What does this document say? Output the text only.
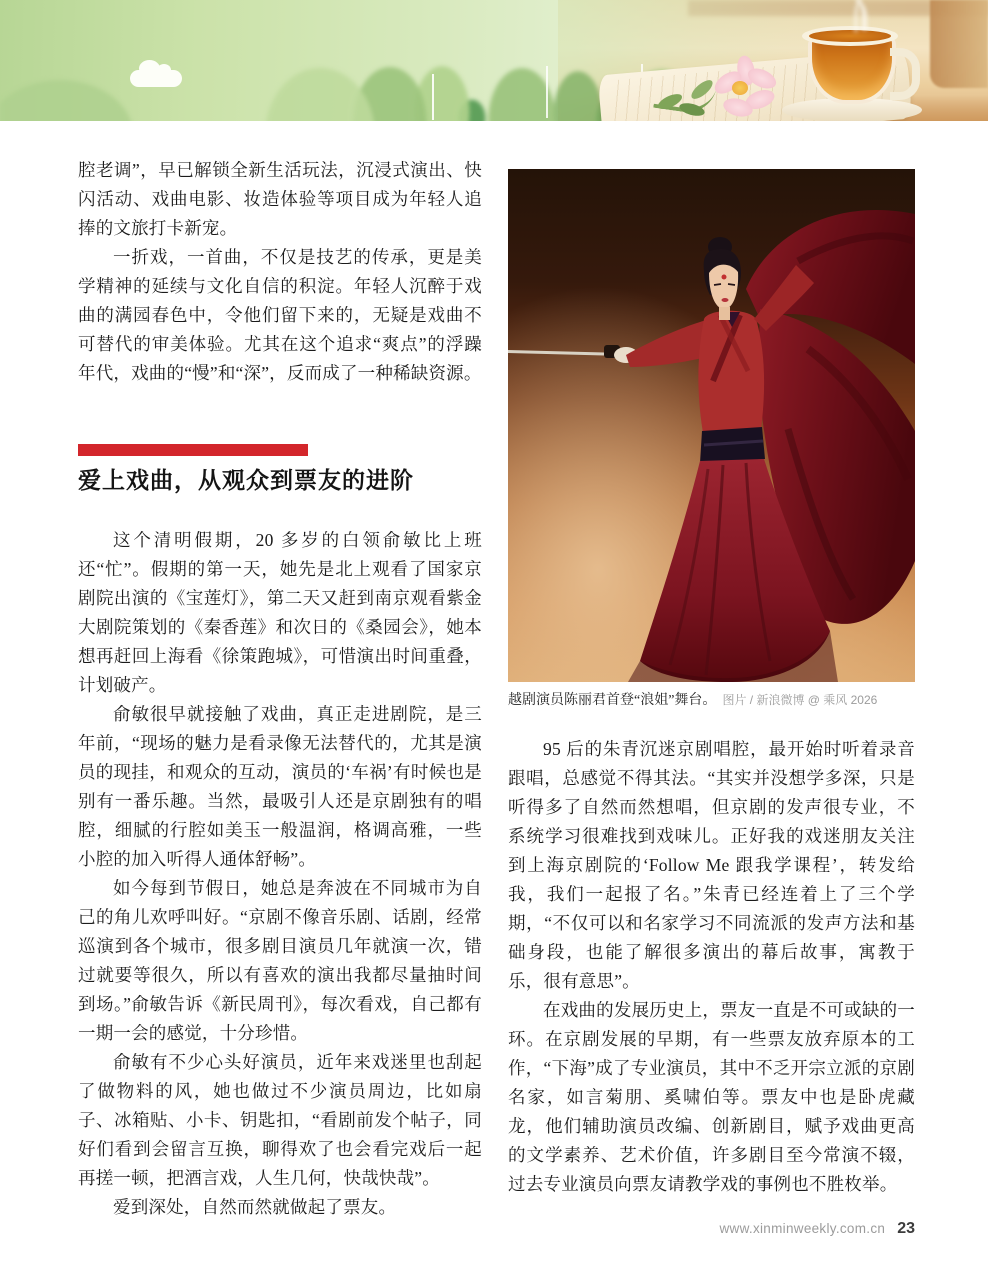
腔老调”，早已解锁全新生活玩法，沉浸式演出、快闪活动、戏曲电影、妆造体验等项目成为年轻人追捧的文旅打卡新宠。

一折戏，一首曲，不仅是技艺的传承，更是美学精神的延续与文化自信的积淀。年轻人沉醉于戏曲的满园春色中，令他们留下来的，无疑是戏曲不可替代的审美体验。尤其在这个追求“爽点”的浮躁年代，戏曲的“慢”和“深”，反而成了一种稀缺资源。

爱上戏曲，从观众到票友的进阶

这个清明假期，20 多岁的白领俞敏比上班还“忙”。假期的第一天，她先是北上观看了国家京剧院出演的《宝莲灯》，第二天又赶到南京观看紫金大剧院策划的《秦香莲》和次日的《桑园会》，她本想再赶回上海看《徐策跑城》，可惜演出时间重叠，计划破产。

俞敏很早就接触了戏曲，真正走进剧院，是三年前，“现场的魅力是看录像无法替代的，尤其是演员的现挂，和观众的互动，演员的‘车祸’有时候也是别有一番乐趣。当然，最吸引人还是京剧独有的唱腔，细腻的行腔如美玉一般温润，格调高雅，一些小腔的加入听得人通体舒畅”。

如今每到节假日，她总是奔波在不同城市为自己的角儿欢呼叫好。“京剧不像音乐剧、话剧，经常巡演到各个城市，很多剧目演员几年就演一次，错过就要等很久，所以有喜欢的演出我都尽量抽时间到场。”俞敏告诉《新民周刊》，每次看戏，自己都有一期一会的感觉，十分珍惜。

俞敏有不少心头好演员，近年来戏迷里也刮起了做物料的风，她也做过不少演员周边，比如扇子、冰箱贴、小卡、钥匙扣，“看剧前发个帖子，同好们看到会留言互换，聊得欢了也会看完戏后一起再搓一顿，把酒言戏，人生几何，快哉快哉”。

爱到深处，自然而然就做起了票友。

越剧演员陈丽君首登“浪姐”舞台。 图片 / 新浪微博 @ 乘风 2026

95 后的朱青沉迷京剧唱腔，最开始时听着录音跟唱，总感觉不得其法。“其实并没想学多深，只是听得多了自然而然想唱，但京剧的发声很专业，不系统学习很难找到戏味儿。正好我的戏迷朋友关注到上海京剧院的‘Follow Me 跟我学课程’，转发给我，我们一起报了名。”朱青已经连着上了三个学期，“不仅可以和名家学习不同流派的发声方法和基础身段，也能了解很多演出的幕后故事，寓教于乐，很有意思”。

在戏曲的发展历史上，票友一直是不可或缺的一环。在京剧发展的早期，有一些票友放弃原本的工作，“下海”成了专业演员，其中不乏开宗立派的京剧名家，如言菊朋、奚啸伯等。票友中也是卧虎藏龙，他们辅助演员改编、创新剧目，赋予戏曲更高的文学素养、艺术价值，许多剧目至今常演不辍，过去专业演员向票友请教学戏的事例也不胜枚举。

www.xinminweekly.com.cn 23
